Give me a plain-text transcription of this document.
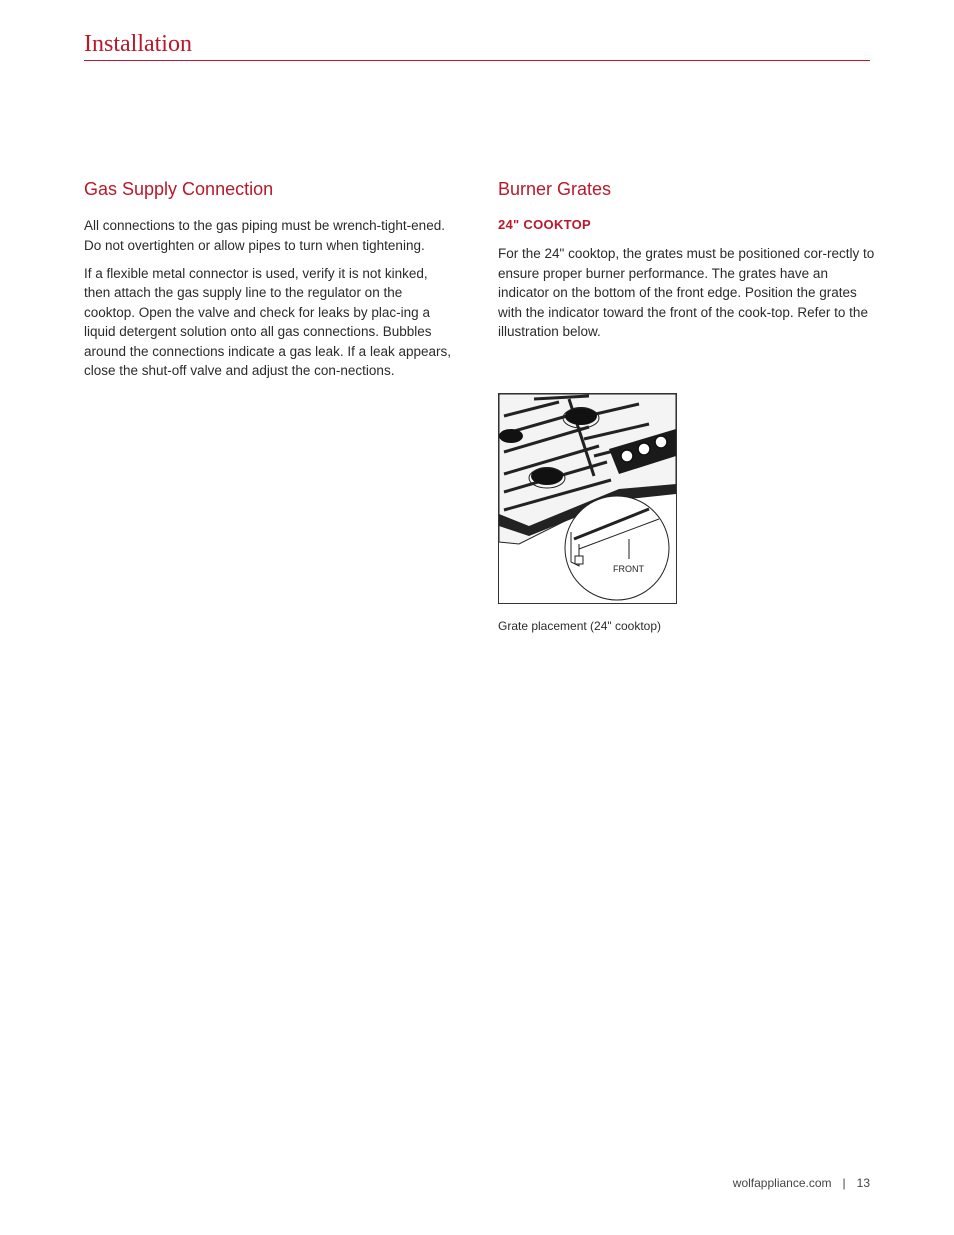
Installation
Gas Supply Connection

All connections to the gas piping must be wrench-tight-ened. Do not overtighten or allow pipes to turn when tightening.

If a flexible metal connector is used, verify it is not kinked, then attach the gas supply line to the regulator on the cooktop. Open the valve and check for leaks by plac-ing a liquid detergent solution onto all gas connections. Bubbles around the connections indicate a gas leak. If a leak appears, close the shut-off valve and adjust the con-nections.

Burner Grates
24" COOKTOP

For the 24" cooktop, the grates must be positioned cor-rectly to ensure proper burner performance. The grates have an indicator on the bottom of the front edge. Position the grates with the indicator toward the front of the cook-top. Refer to the illustration below.

FRONT
Grate placement (24" cooktop)
wolfappliance.com | 13
